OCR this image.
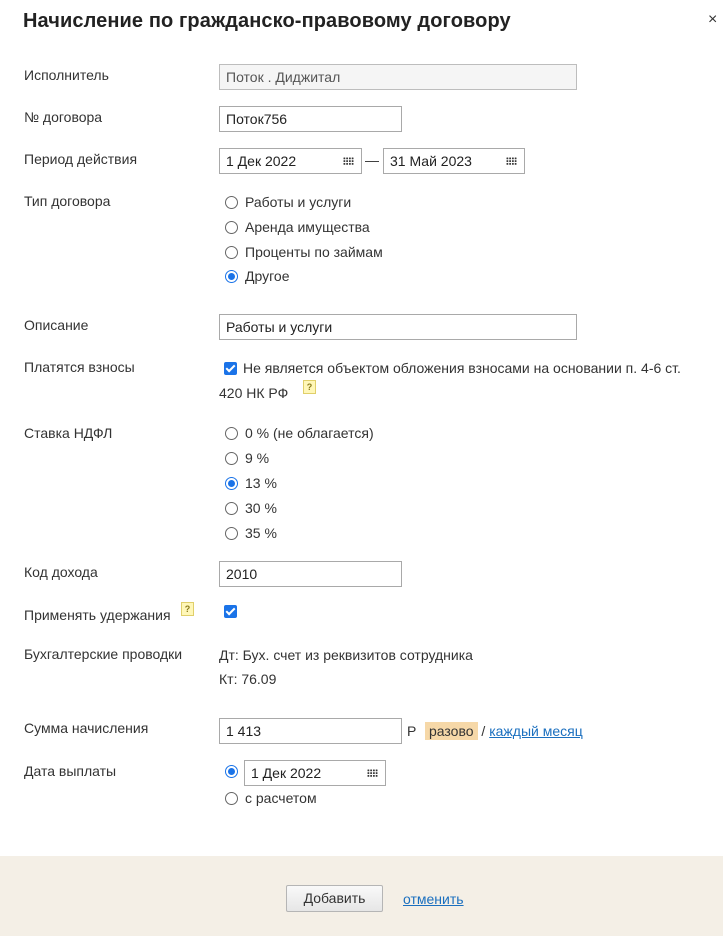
Начисление по гражданско-правовому договору	×
Исполнитель	Поток . Диджитал
№ договора	Поток756
Период действия	1 Дек 2022	— 31 Май 2023
Тип договора	Работы и услуги
Аренда имущества
Проценты по займам
Другое
Описание	Работы и услуги
Платятся взносы	Не является объектом обложения взносами на основании п. 4-6 ст.
420 НК РФ	?
Ставка НДФЛ	0 % (не облагается)
9 %
13 %
30 %
35 %
Код дохода	2010
Применять удержания	?
Бухгалтерские проводки	Дт: Бух. счет из реквизитов сотрудника
Кт: 76.09
Сумма начисления	1 413	Р разово / каждый месяц
Дата выплаты	1 Дек 2022
с расчетом
Добавить	отменить
